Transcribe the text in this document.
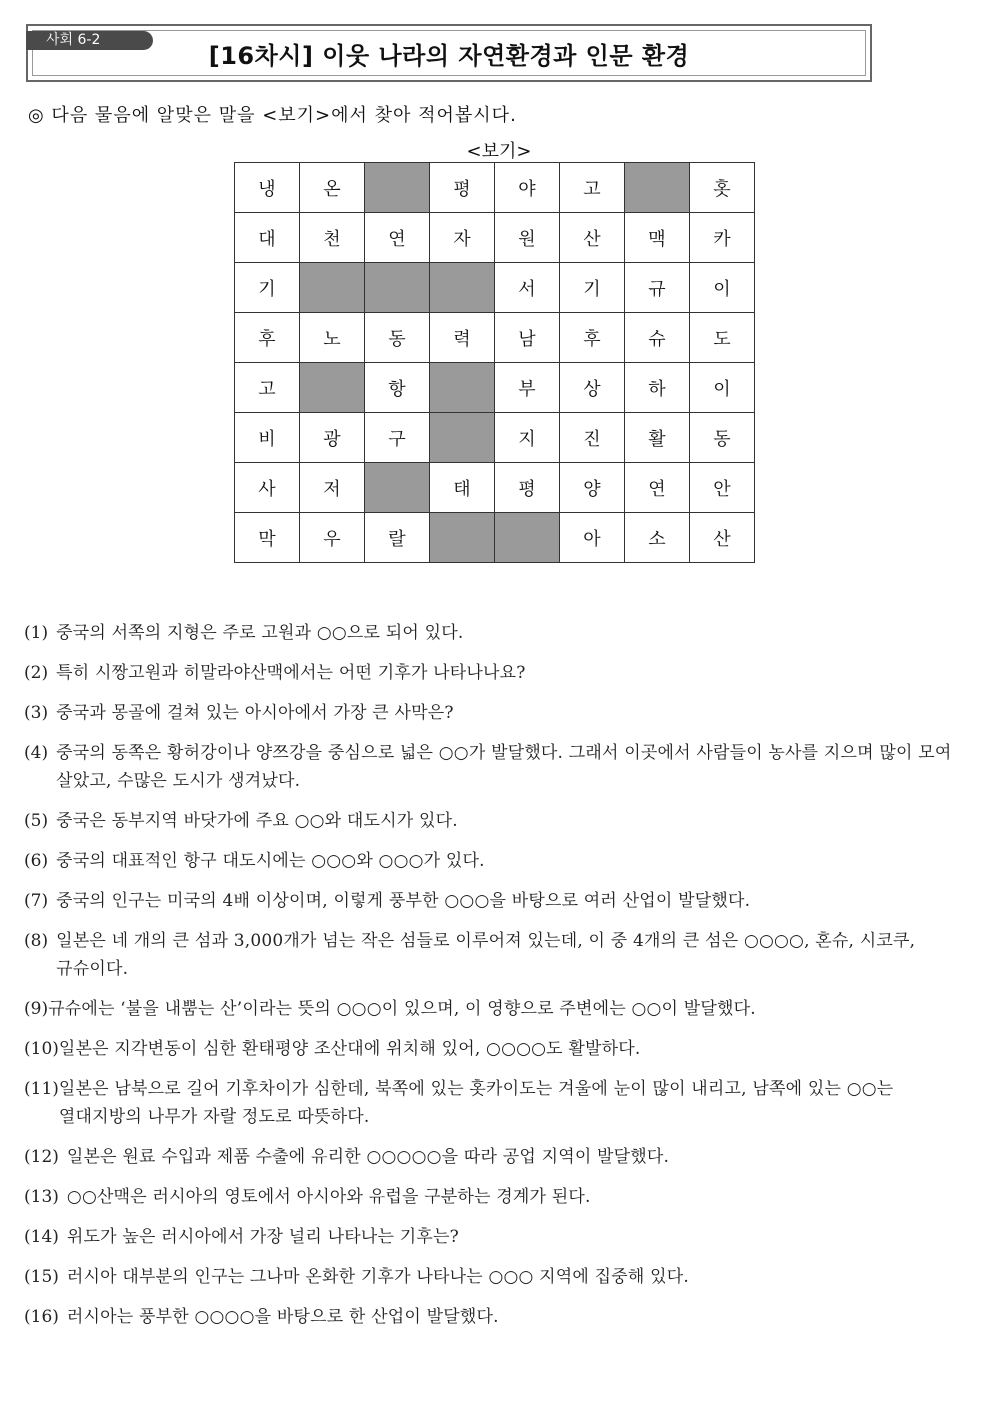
사회 6-2
[16차시] 이웃 나라의 자연환경과 인문 환경
◎ 다음 물음에 알맞은 말을 <보기>에서 찾아 적어봅시다.
<보기>
냉	온		평	야	고		홋
대	천	연	자	원	산	맥	카
기				서	기	규	이
후	노	동	력	남	후	슈	도
고		항		부	상	하	이
비	광	구		지	진	활	동
사	저		태	평	양	연	안
막	우	랄			아	소	산
(1) 중국의 서쪽의 지형은 주로 고원과 ○○으로 되어 있다.
(2) 특히 시짱고원과 히말라야산맥에서는 어떤 기후가 나타나나요?
(3) 중국과 몽골에 걸쳐 있는 아시아에서 가장 큰 사막은?
(4) 중국의 동쪽은 황허강이나 양쯔강을 중심으로 넓은 ○○가 발달했다. 그래서 이곳에서 사람들이 농사를 지으며 많이 모여 살았고, 수많은 도시가 생겨났다.
(5) 중국은 동부지역 바닷가에 주요 ○○와 대도시가 있다.
(6) 중국의 대표적인 항구 대도시에는 ○○○와 ○○○가 있다.
(7) 중국의 인구는 미국의 4배 이상이며, 이렇게 풍부한 ○○○을 바탕으로 여러 산업이 발달했다.
(8) 일본은 네 개의 큰 섬과 3,000개가 넘는 작은 섬들로 이루어져 있는데, 이 중 4개의 큰 섬은 ○○○○, 혼슈, 시코쿠, 규슈이다.
(9) 규슈에는 ‘불을 내뿜는 산’이라는 뜻의 ○○○이 있으며, 이 영향으로 주변에는 ○○이 발달했다.
(10) 일본은 지각변동이 심한 환태평양 조산대에 위치해 있어, ○○○○도 활발하다.
(11) 일본은 남북으로 길어 기후차이가 심한데, 북쪽에 있는 홋카이도는 겨울에 눈이 많이 내리고, 남쪽에 있는 ○○는 열대지방의 나무가 자랄 정도로 따뜻하다.
(12) 일본은 원료 수입과 제품 수출에 유리한 ○○○○○을 따라 공업 지역이 발달했다.
(13) ○○산맥은 러시아의 영토에서 아시아와 유럽을 구분하는 경계가 된다.
(14) 위도가 높은 러시아에서 가장 널리 나타나는 기후는?
(15) 러시아 대부분의 인구는 그나마 온화한 기후가 나타나는 ○○○ 지역에 집중해 있다.
(16) 러시아는 풍부한 ○○○○을 바탕으로 한 산업이 발달했다.
